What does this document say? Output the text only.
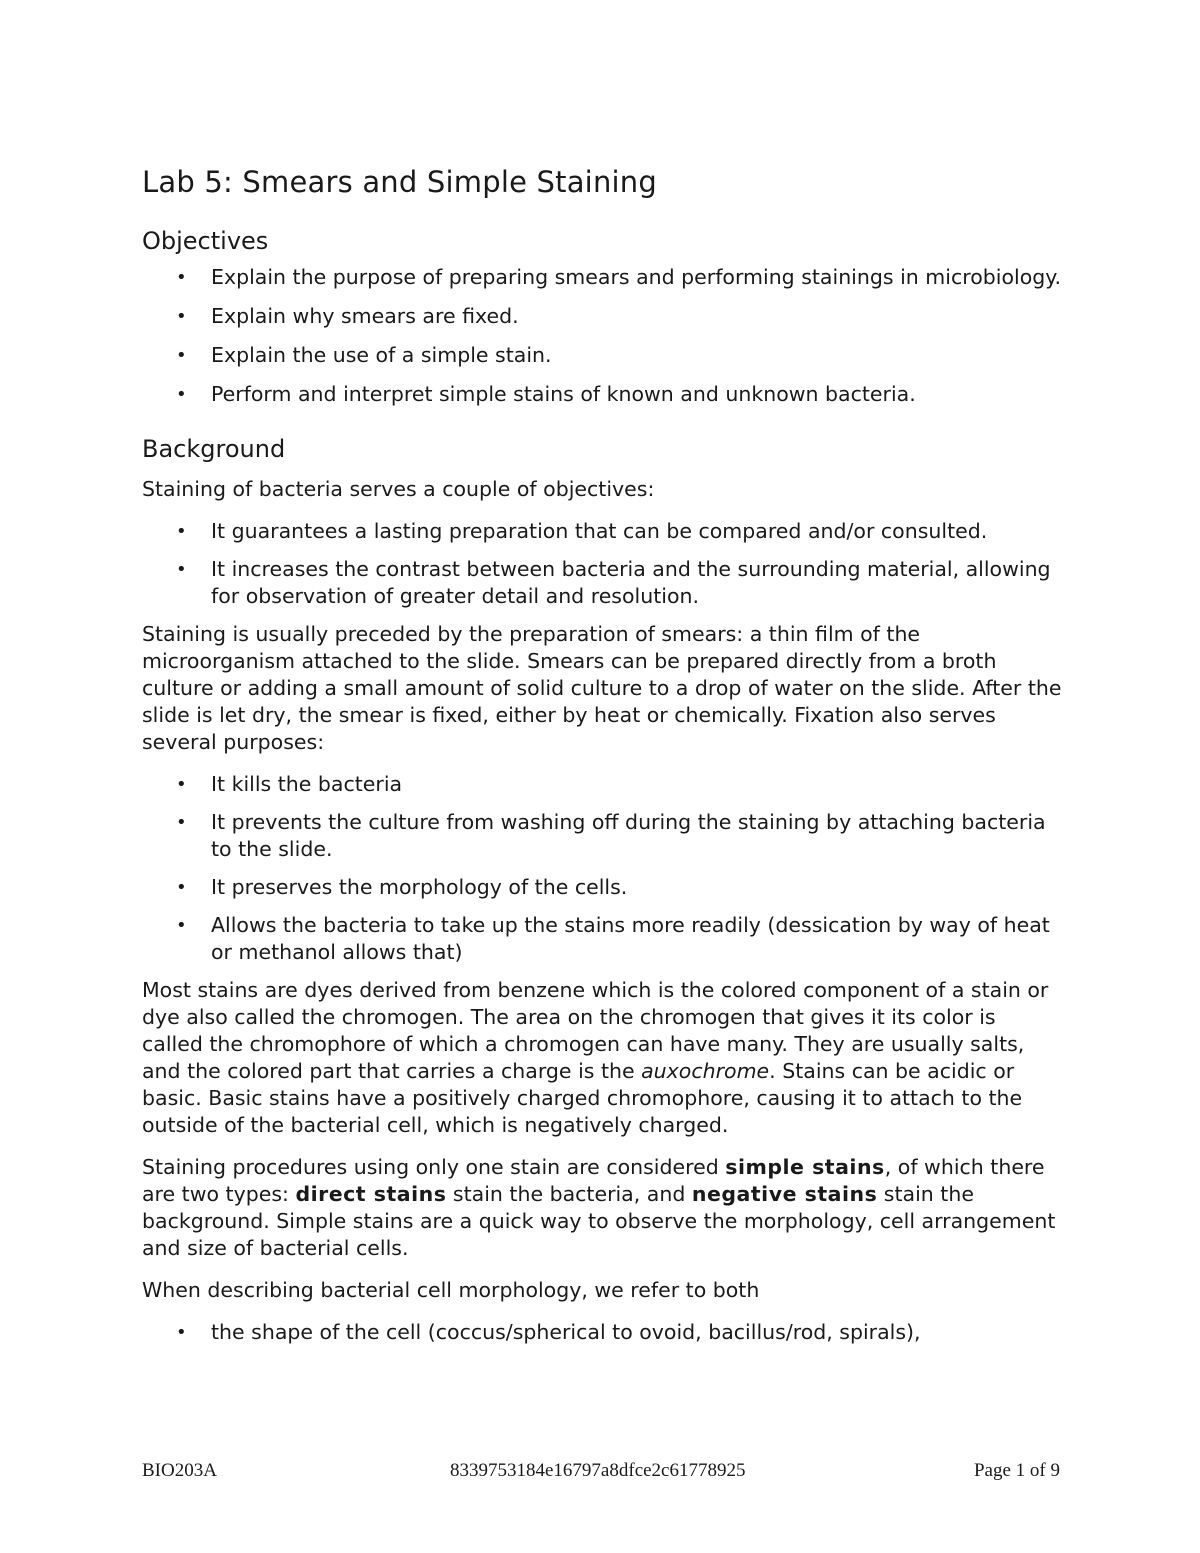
Lab 5: Smears and Simple Staining
Objectives
• Explain the purpose of preparing smears and performing stainings in microbiology.
• Explain why smears are fixed.
• Explain the use of a simple stain.
• Perform and interpret simple stains of known and unknown bacteria.
Background

Staining of bacteria serves a couple of objectives:

• It guarantees a lasting preparation that can be compared and/or consulted.
• It increases the contrast between bacteria and the surrounding material, allowing for observation of greater detail and resolution.

Staining is usually preceded by the preparation of smears: a thin film of the microorganism attached to the slide. Smears can be prepared directly from a broth culture or adding a small amount of solid culture to a drop of water on the slide. After the slide is let dry, the smear is fixed, either by heat or chemically. Fixation also serves several purposes:

• It kills the bacteria
• It prevents the culture from washing off during the staining by attaching bacteria to the slide.
• It preserves the morphology of the cells.
• Allows the bacteria to take up the stains more readily (dessication by way of heat or methanol allows that)

Most stains are dyes derived from benzene which is the colored component of a stain or dye also called the chromogen. The area on the chromogen that gives it its color is called the chromophore of which a chromogen can have many. They are usually salts, and the colored part that carries a charge is the auxochrome. Stains can be acidic or basic. Basic stains have a positively charged chromophore, causing it to attach to the outside of the bacterial cell, which is negatively charged.

Staining procedures using only one stain are considered simple stains, of which there are two types: direct stains stain the bacteria, and negative stains stain the background. Simple stains are a quick way to observe the morphology, cell arrangement and size of bacterial cells.

When describing bacterial cell morphology, we refer to both

• the shape of the cell (coccus/spherical to ovoid, bacillus/rod, spirals),
BIO203A	8339753184e16797a8dfce2c61778925	Page 1 of 9
